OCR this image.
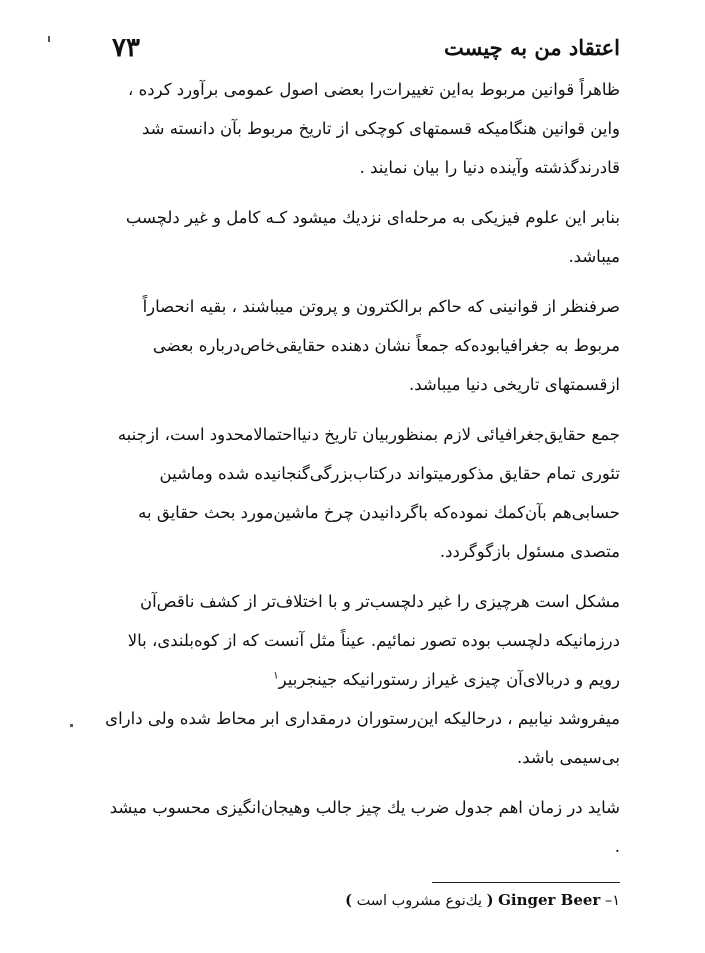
اعتقاد من به چیست
۷۳

ظاهراً قوانین مربوط به‌این تغییرات‌را بعضی اصول عمومی برآورد کرده ، واین قوانین هنگامیکه قسمتهای کوچکی از تاریخ مربوط بآن دانسته شد قادرندگذشته وآینده دنیا را بیان نمایند .

بنابر این علوم فیزیکی به مرحله‌ای نزدیك میشود کـه کامل و غیر دلچسب میباشد.

صرفنظر از قوانینی که حاکم برالکترون و پروتن میباشند ، بقیه انحصاراً مربوط به جغرافیابوده‌که جمعاً نشان دهنده حقایقی‌خاص‌درباره بعضی ازقسمتهای تاریخی دنیا میباشد.

جمع حقایق‌جغرافیائی لازم بمنظوربیان تاریخ دنیااحتمالامحدود است، ازجنبه تئوری تمام حقایق مذکورمیتواند درکتاب‌بزرگی‌گنجانیده شده وماشین حسابی‌هم بآن‌کمك نموده‌که باگردانیدن چرخ ماشین‌مورد بحث حقایق به متصدی مسئول بازگوگردد.

مشکل است هرچیزی را غیر دلچسب‌تر و با اختلاف‌تر از کشف ناقص‌آن درزمانیکه دلچسب بوده تصور نمائیم. عیناً مثل آنست که از کوه‌بلندی، بالا رویم و دربالای‌آن چیزی غیراز رستورانیکه جینجربیر$^۱$

میفروشد نیابیم ، درحالیکه این‌رستوران درمقداری ابر محاط شده ولی دارای بی‌سیمی باشد.

شاید در زمان اهم جدول ضرب یك چیز جالب وهیجان‌انگیزی محسوب میشد .

۱– Ginger Beer ( یك‌نوع مشروب است )
